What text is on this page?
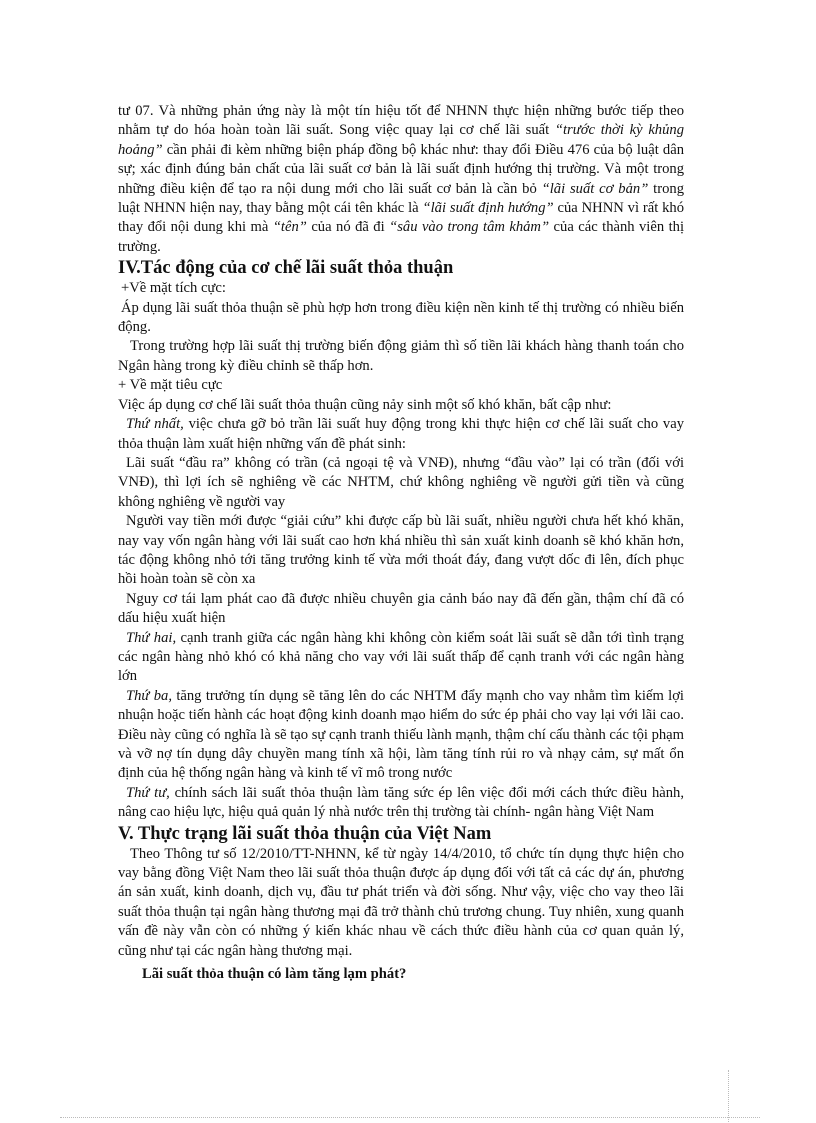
tư 07. Và những phản ứng này là một tín hiệu tốt để NHNN thực hiện những bước tiếp theo nhằm tự do hóa hoàn toàn lãi suất. Song việc quay lại cơ chế lãi suất “trước thời kỳ khủng hoảng” cần phải đi kèm những biện pháp đồng bộ khác như: thay đổi Điều 476 của bộ luật dân sự; xác định đúng bản chất của lãi suất cơ bản là lãi suất định hướng thị trường. Và một trong những điều kiện để tạo ra nội dung mới cho lãi suất cơ bản là cần bỏ “lãi suất cơ bản” trong luật NHNN hiện nay, thay bằng một cái tên khác là “lãi suất định hướng” của NHNN vì rất khó thay đổi nội dung khi mà “tên” của nó đã đi “sâu vào trong tâm khảm” của các thành viên thị trường.

IV.Tác động của cơ chế lãi suất thỏa thuận

+Về mặt tích cực:

Áp dụng lãi suất thỏa thuận sẽ phù hợp hơn trong điều kiện nền kinh tế thị trường có nhiều biến động.

Trong trường hợp lãi suất thị trường biến động giảm thì số tiền lãi khách hàng thanh toán cho Ngân hàng trong kỳ điều chỉnh sẽ thấp hơn.

+ Về mặt tiêu cực

Việc áp dụng cơ chế lãi suất thỏa thuận cũng nảy sinh một số khó khăn, bất cập như:

Thứ nhất, việc chưa gỡ bỏ trần lãi suất huy động trong khi thực hiện cơ chế lãi suất cho vay thỏa thuận làm xuất hiện những vấn đề phát sinh:

Lãi suất “đầu ra” không có trần (cả ngoại tệ và VNĐ), nhưng “đầu vào” lại có trần (đối với VNĐ), thì lợi ích sẽ nghiêng về các NHTM, chứ không nghiêng về người gửi tiền và cũng không nghiêng về người vay

Người vay tiền mới được “giải cứu” khi được cấp bù lãi suất, nhiều người chưa hết khó khăn, nay vay vốn ngân hàng với lãi suất cao hơn khá nhiều thì sản xuất kinh doanh sẽ khó khăn hơn, tác động không nhỏ tới tăng trưởng kinh tế vừa mới thoát đáy, đang vượt dốc đi lên, đích phục hồi hoàn toàn sẽ còn xa

Nguy cơ tái lạm phát cao đã được nhiều chuyên gia cảnh báo nay đã đến gần, thậm chí đã có dấu hiệu xuất hiện

Thứ hai, cạnh tranh giữa các ngân hàng khi không còn kiểm soát lãi suất sẽ dẫn tới tình trạng các ngân hàng nhỏ khó có khả năng cho vay với lãi suất thấp để cạnh tranh với các ngân hàng lớn

Thứ ba, tăng trưởng tín dụng sẽ tăng lên do các NHTM đẩy mạnh cho vay nhằm tìm kiếm lợi nhuận hoặc tiến hành các hoạt động kinh doanh mạo hiểm do sức ép phải cho vay lại với lãi cao. Điều này cũng có nghĩa là sẽ tạo sự cạnh tranh thiếu lành mạnh, thậm chí cấu thành các tội phạm và vỡ nợ tín dụng dây chuyền mang tính xã hội, làm tăng tính rủi ro và nhạy cảm, sự mất ổn định của hệ thống ngân hàng và kinh tế vĩ mô trong nước

Thứ tư, chính sách lãi suất thỏa thuận làm tăng sức ép lên việc đổi mới cách thức điều hành, nâng cao hiệu lực, hiệu quả quản lý nhà nước trên thị trường tài chính- ngân hàng Việt Nam

V. Thực trạng lãi suất thỏa thuận của Việt Nam

Theo Thông tư số 12/2010/TT-NHNN, kể từ ngày 14/4/2010, tổ chức tín dụng thực hiện cho vay bằng đồng Việt Nam theo lãi suất thỏa thuận được áp dụng đối với tất cả các dự án, phương án sản xuất, kinh doanh, dịch vụ, đầu tư phát triển và đời sống. Như vậy, việc cho vay theo lãi suất thỏa thuận tại ngân hàng thương mại đã trở thành chủ trương chung. Tuy nhiên, xung quanh vấn đề này vẫn còn có những ý kiến khác nhau về cách thức điều hành của cơ quan quản lý, cũng như tại các ngân hàng thương mại.

Lãi suất thỏa thuận có làm tăng lạm phát?
